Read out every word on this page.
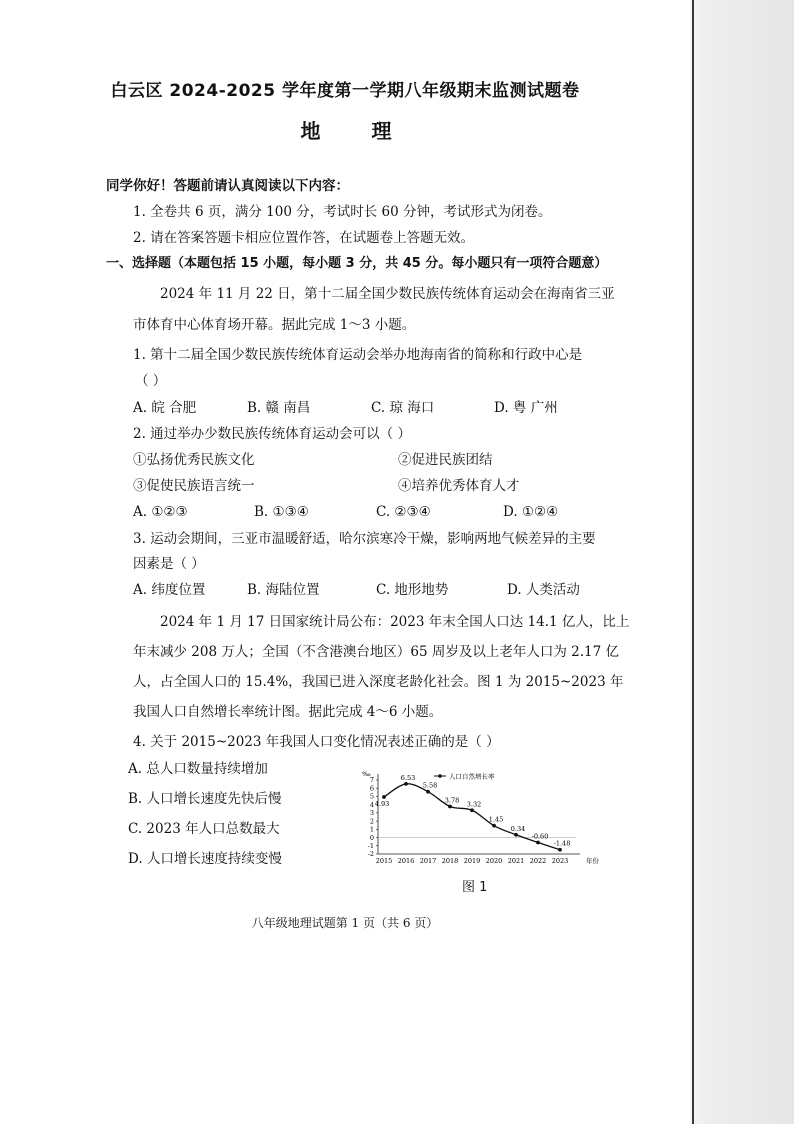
白云区 2024-2025 学年度第一学期八年级期末监测试题卷
地 理
同学你好！答题前请认真阅读以下内容：
1. 全卷共 6 页，满分 100 分，考试时长 60 分钟，考试形式为闭卷。
2. 请在答案答题卡相应位置作答，在试题卷上答题无效。
一、选择题（本题包括 15 小题，每小题 3 分，共 45 分。每小题只有一项符合题意）
2024 年 11 月 22 日，第十二届全国少数民族传统体育运动会在海南省三亚
市体育中心体育场开幕。据此完成 1～3 小题。
1. 第十二届全国少数民族传统体育运动会举办地海南省的简称和行政中心是
（ ）
A. 皖 合肥	B. 赣 南昌	C. 琼 海口	D. 粤 广州
2. 通过举办少数民族传统体育运动会可以（ ）
①弘扬优秀民族文化	②促进民族团结
③促使民族语言统一	④培养优秀体育人才
A. ①②③	B. ①③④	C. ②③④	D. ①②④
3. 运动会期间，三亚市温暖舒适，哈尔滨寒冷干燥，影响两地气候差异的主要
因素是（ ）
A. 纬度位置	B. 海陆位置	C. 地形地势	D. 人类活动
2024 年 1 月 17 日国家统计局公布：2023 年末全国人口达 14.1 亿人，比上
年末减少 208 万人；全国（不含港澳台地区）65 周岁及以上老年人口为 2.17 亿
人，占全国人口的 15.4%，我国已进入深度老龄化社会。图 1 为 2015~2023 年
我国人口自然增长率统计图。据此完成 4～6 小题。
4. 关于 2015~2023 年我国人口变化情况表述正确的是（ ）
A. 总人口数量持续增加
B. 人口增长速度先快后慢
C. 2023 年人口总数最大
D. 人口增长速度持续变慢
‰
-2
-1
0
1
2
3
4
5
6
7
2015 2016 2017 2018 2019 2020 2021 2022 2023	年份
4.93
6.53
5.58
3.78 3.32
1.45
0.34
-0.60
-1.48
人口自然增长率
图 1
八年级地理试题第 1 页（共 6 页）
